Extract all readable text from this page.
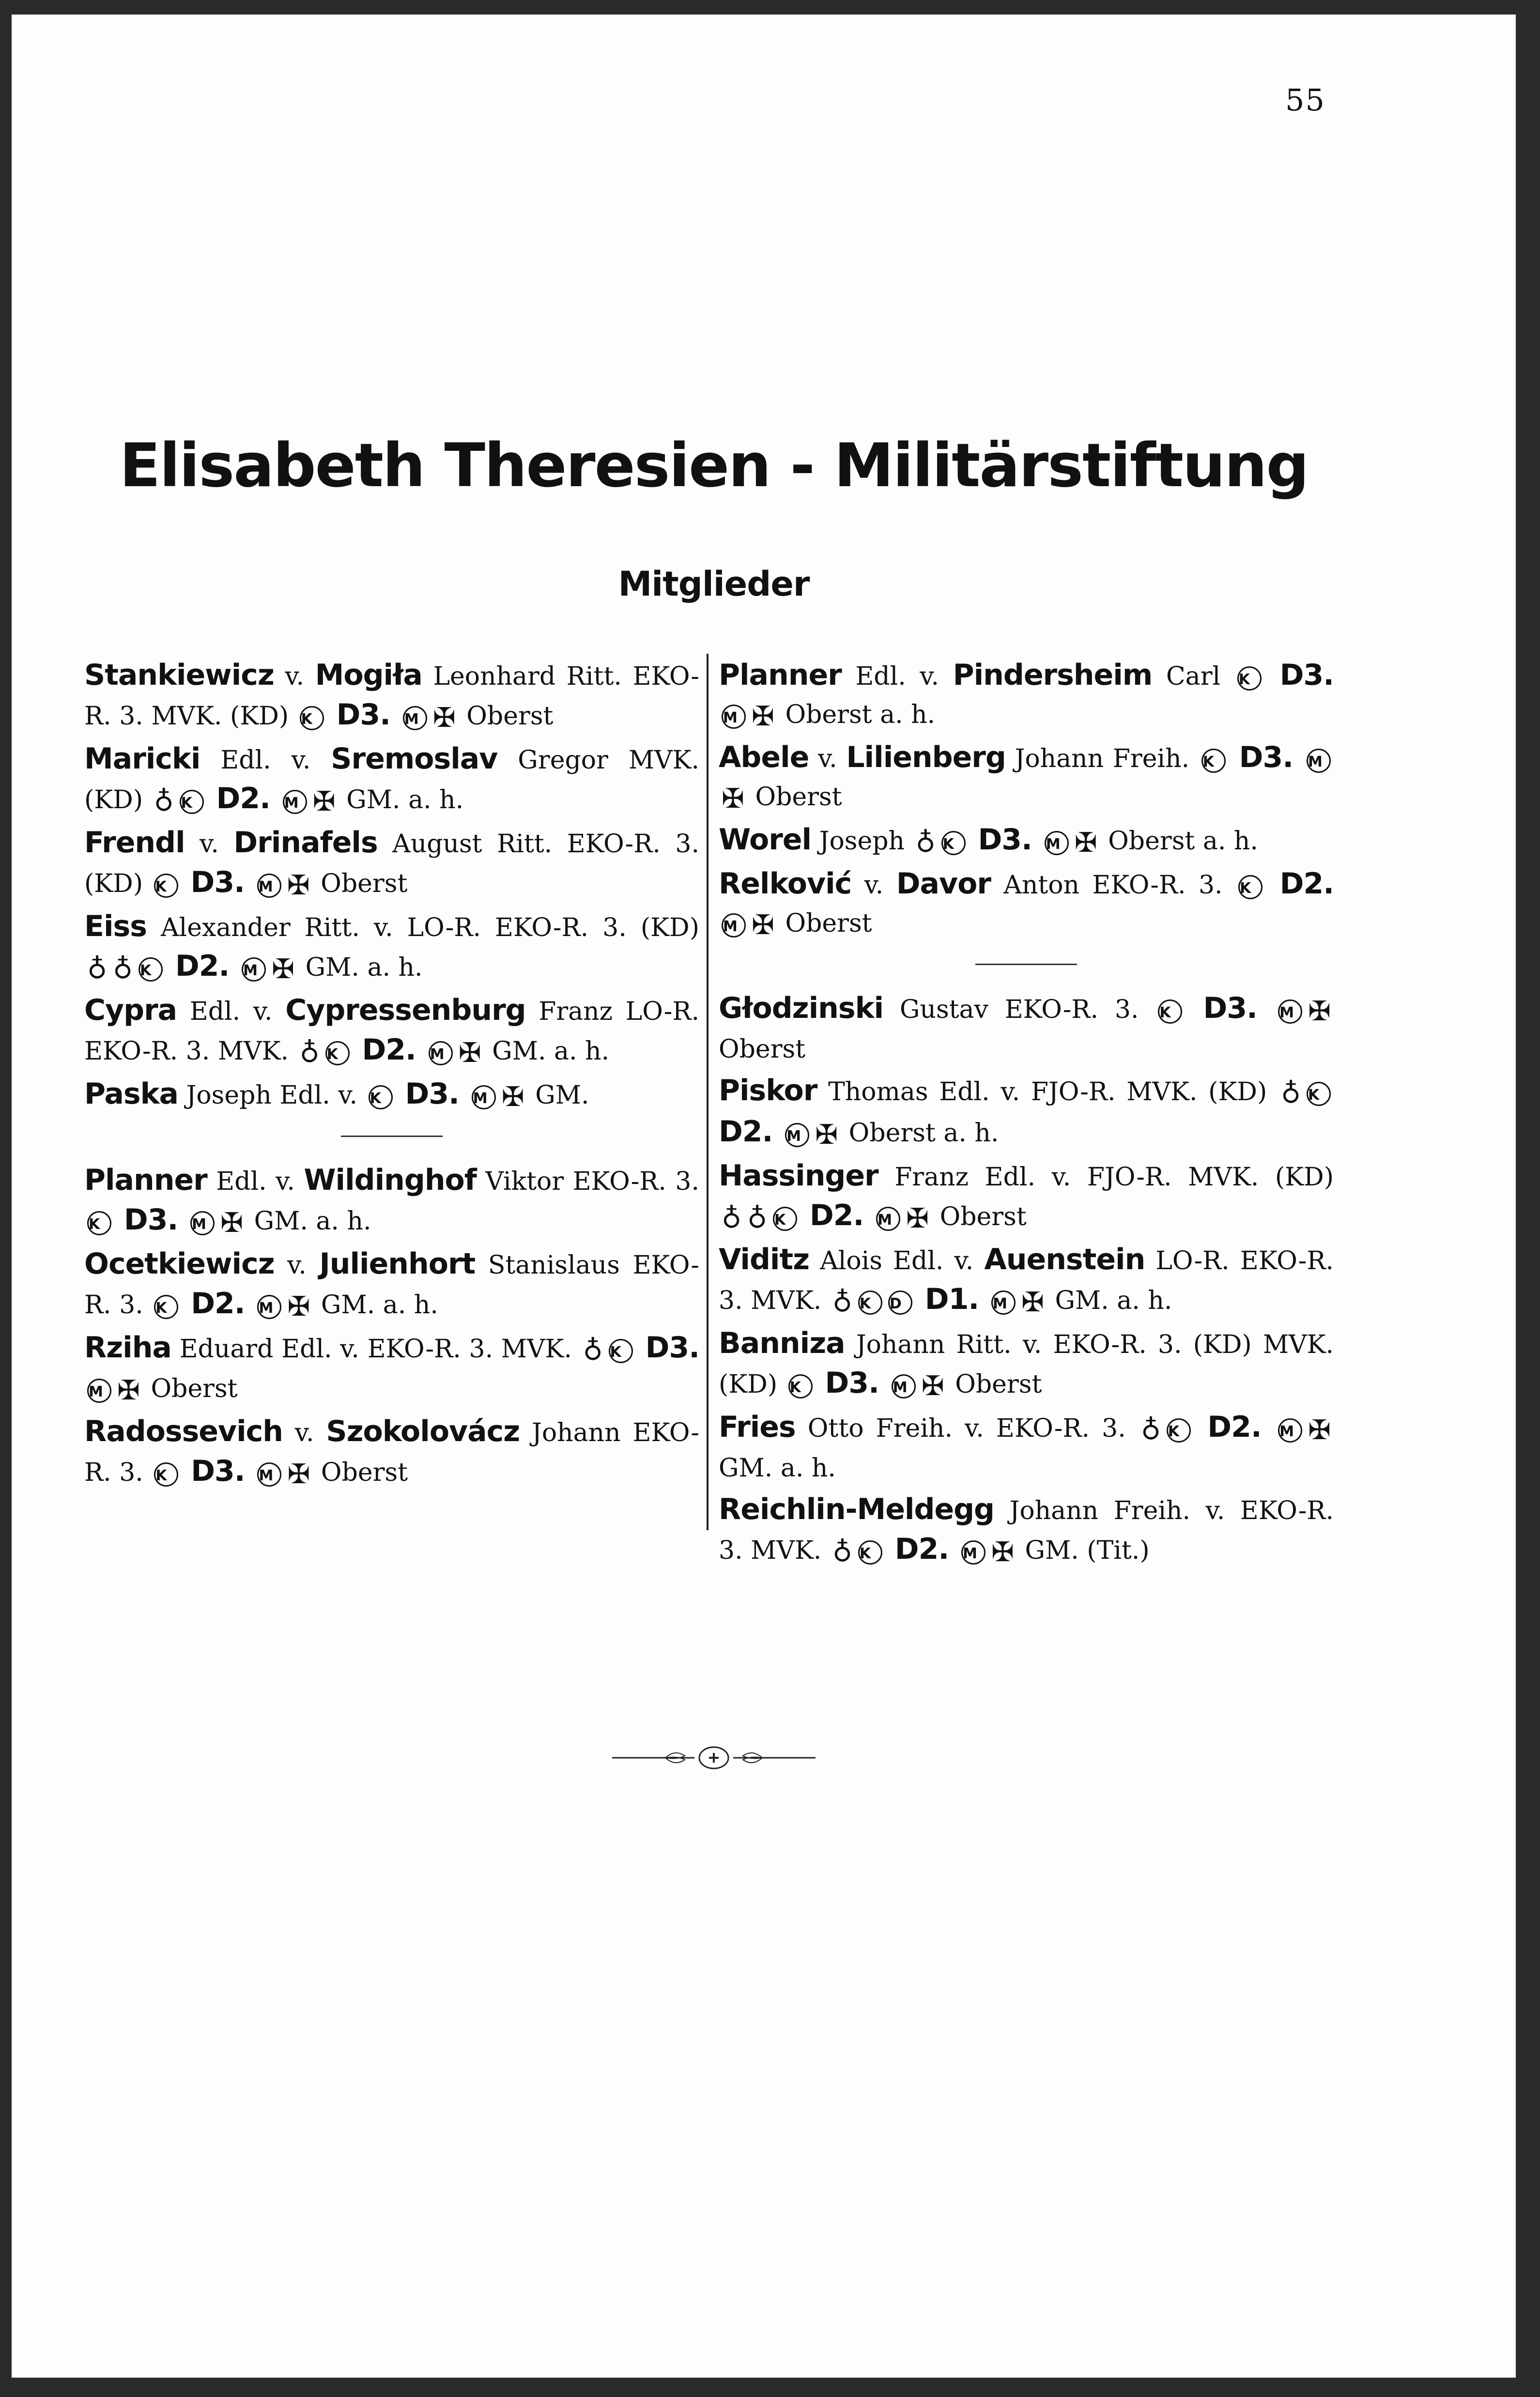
55
Elisabeth Theresien - Militärstiftung
Mitglieder

Stankiewicz v. Mogiła Leonhard Ritt. EKO-R. 3. MVK. (KD) K D3. M ✠ Oberst

Maricki Edl. v. Sremoslav Gregor MVK. (KD) ♁ K D2. M ✠ GM. a. h.

Frendl v. Drinafels August Ritt. EKO-R. 3. (KD) K D3. M ✠ Oberst

Eiss Alexander Ritt. v. LO-R. EKO-R. 3. (KD) ♁ ♁ K D2. M ✠ GM. a. h.

Cypra Edl. v. Cypressenburg Franz LO-R. EKO-R. 3. MVK. ♁ K D2. M ✠ GM. a. h.

Paska Joseph Edl. v. K D3. M ✠ GM.

Planner Edl. v. Wildinghof Viktor EKO-R. 3. K D3. M ✠ GM. a. h.

Ocetkiewicz v. Julienhort Stanislaus EKO-R. 3. K D2. M ✠ GM. a. h.

Rziha Eduard Edl. v. EKO-R. 3. MVK. ♁ K D3. M ✠ Oberst

Radossevich v. Szokolovácz Johann EKO-R. 3. K D3. M ✠ Oberst

Planner Edl. v. Pindersheim Carl K D3. M ✠ Oberst a. h.

Abele v. Lilienberg Johann Freih. K D3. M✠ Oberst

Worel Joseph ♁ K D3. M ✠ Oberst a. h.

Relković v. Davor Anton EKO-R. 3. K D2. M ✠ Oberst

Głodzinski Gustav EKO-R. 3. K D3. M ✠ Oberst

Piskor Thomas Edl. v. FJO-R. MVK. (KD) ♁ K D2. M ✠ Oberst a. h.

Hassinger Franz Edl. v. FJO-R. MVK. (KD) ♁ ♁ K D2. M ✠ Oberst

Viditz Alois Edl. v. Auenstein LO-R. EKO-R. 3. MVK. ♁ K D D1. M ✠ GM. a. h.

Banniza Johann Ritt. v. EKO-R. 3. (KD) MVK. (KD) K D3. M ✠ Oberst

Fries Otto Freih. v. EKO-R. 3. ♁ K D2. M ✠ GM. a. h.

Reichlin-Meldegg Johann Freih. v. EKO-R. 3. MVK. ♁ K D2. M ✠ GM. (Tit.)
